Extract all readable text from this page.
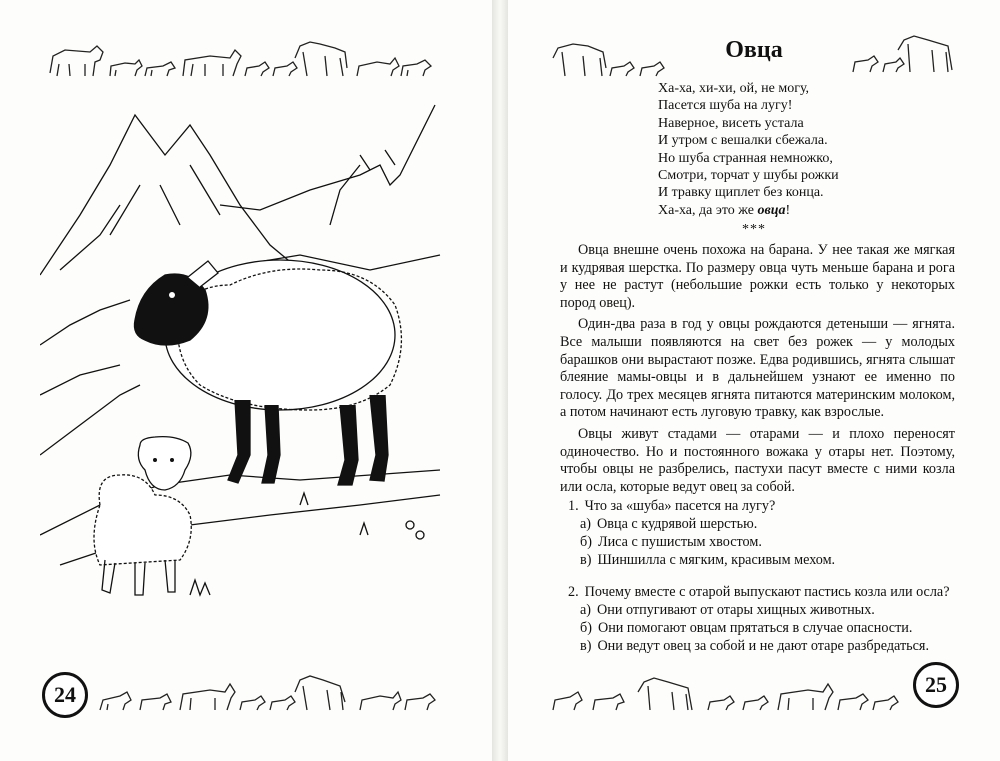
24
Овца
Ха-ха, хи-хи, ой, не могу,
Пасется шуба на лугу!
Наверное, висеть устала
И утром с вешалки сбежала.
Но шуба странная немножко,
Смотри, торчат у шубы рожки
И травку щиплет без конца.
Ха-ха, да это же овца!
***

Овца внешне очень похожа на барана. У нее такая же мягкая и кудрявая шерстка. По размеру овца чуть меньше барана и рога у нее не растут (небольшие рожки есть только у некоторых пород овец).

Один-два раза в год у овцы рождаются детеныши — ягнята. Все малыши появляются на свет без рожек — у молодых барашков они вырастают позже. Едва родившись, ягнята слышат блеяние мамы-овцы и в дальнейшем узнают ее именно по голосу. До трех месяцев ягнята питаются материнским молоком, а потом начинают есть луговую травку, как взрослые.

Овцы живут стадами — отарами — и плохо переносят одиночество. Но и постоянного вожака у отары нет. Поэтому, чтобы овцы не разбрелись, пастухи пасут вместе с ними козла или осла, которые ведут овец за собой.

1. Что за «шуба» пасется на лугу?
а) Овца с кудрявой шерстью.
б) Лиса с пушистым хвостом.
в) Шиншилла с мягким, красивым мехом.
2. Почему вместе с отарой выпускают пастись козла или осла?
а) Они отпугивают от отары хищных животных.
б) Они помогают овцам прятаться в случае опасности.
в) Они ведут овец за собой и не дают отаре разбредаться.
25
